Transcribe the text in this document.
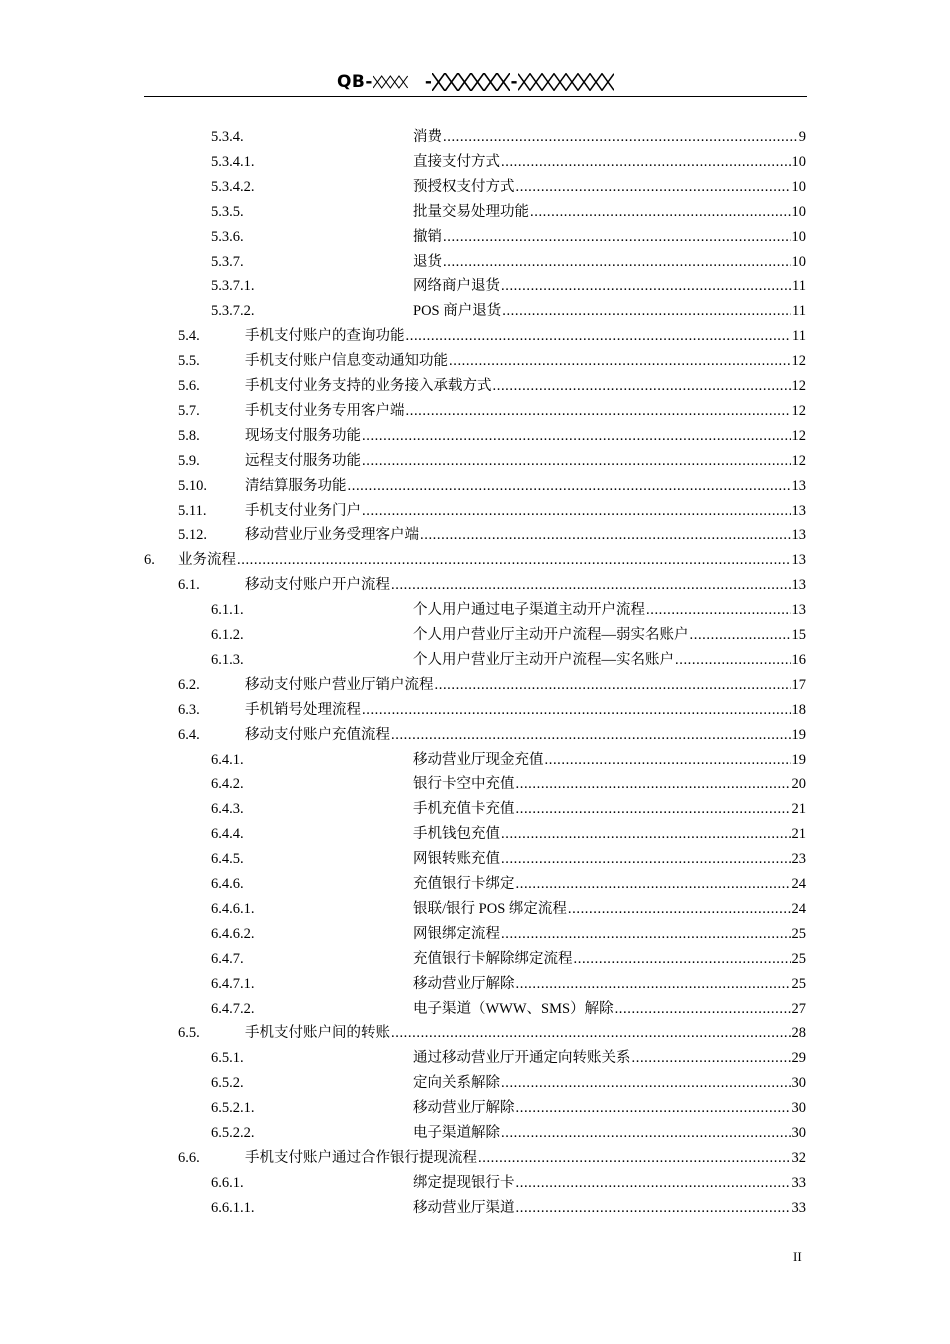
QB-	-	-
5.3.4.	消费 .....	9
5.3.4.1.	直接支付方式 .....	10
5.3.4.2.	预授权支付方式 .....	10
5.3.5.	批量交易处理功能 .....	10
5.3.6.	撤销 .....	10
5.3.7.	退货 .....	10
5.3.7.1.	网络商户退货 .....	11
5.3.7.2.	POS 商户退货 .....	11
5.4.	手机支付账户的查询功能 .....	11
5.5.	手机支付账户信息变动通知功能 .....	12
5.6.	手机支付业务支持的业务接入承载方式 .....	12
5.7.	手机支付业务专用客户端 .....	12
5.8.	现场支付服务功能 .....	12
5.9.	远程支付服务功能 .....	12
5.10.	清结算服务功能 .....	13
5.11.	手机支付业务门户 .....	13
5.12.	移动营业厅业务受理客户端 .....	13
6.	业务流程 .....	13
6.1.	移动支付账户开户流程 .....	13
6.1.1.	个人用户通过电子渠道主动开户流程 .....	13
6.1.2.	个人用户营业厅主动开户流程—弱实名账户 .....	15
6.1.3.	个人用户营业厅主动开户流程—实名账户 .....	16
6.2.	移动支付账户营业厅销户流程 .....	17
6.3.	手机销号处理流程 .....	18
6.4.	移动支付账户充值流程 .....	19
6.4.1.	移动营业厅现金充值 .....	19
6.4.2.	银行卡空中充值 .....	20
6.4.3.	手机充值卡充值 .....	21
6.4.4.	手机钱包充值 .....	21
6.4.5.	网银转账充值 .....	23
6.4.6.	充值银行卡绑定 .....	24
6.4.6.1.	银联/银行 POS 绑定流程 .....	24
6.4.6.2.	网银绑定流程 .....	25
6.4.7.	充值银行卡解除绑定流程 .....	25
6.4.7.1.	移动营业厅解除 .....	25
6.4.7.2.	电子渠道（WWW、SMS）解除 .....	27
6.5.	手机支付账户间的转账 .....	28
6.5.1.	通过移动营业厅开通定向转账关系 .....	29
6.5.2.	定向关系解除 .....	30
6.5.2.1.	移动营业厅解除 .....	30
6.5.2.2.	电子渠道解除 .....	30
6.6.	手机支付账户通过合作银行提现流程 .....	32
6.6.1.	绑定提现银行卡 .....	33
6.6.1.1.	移动营业厅渠道 .....	33
II
